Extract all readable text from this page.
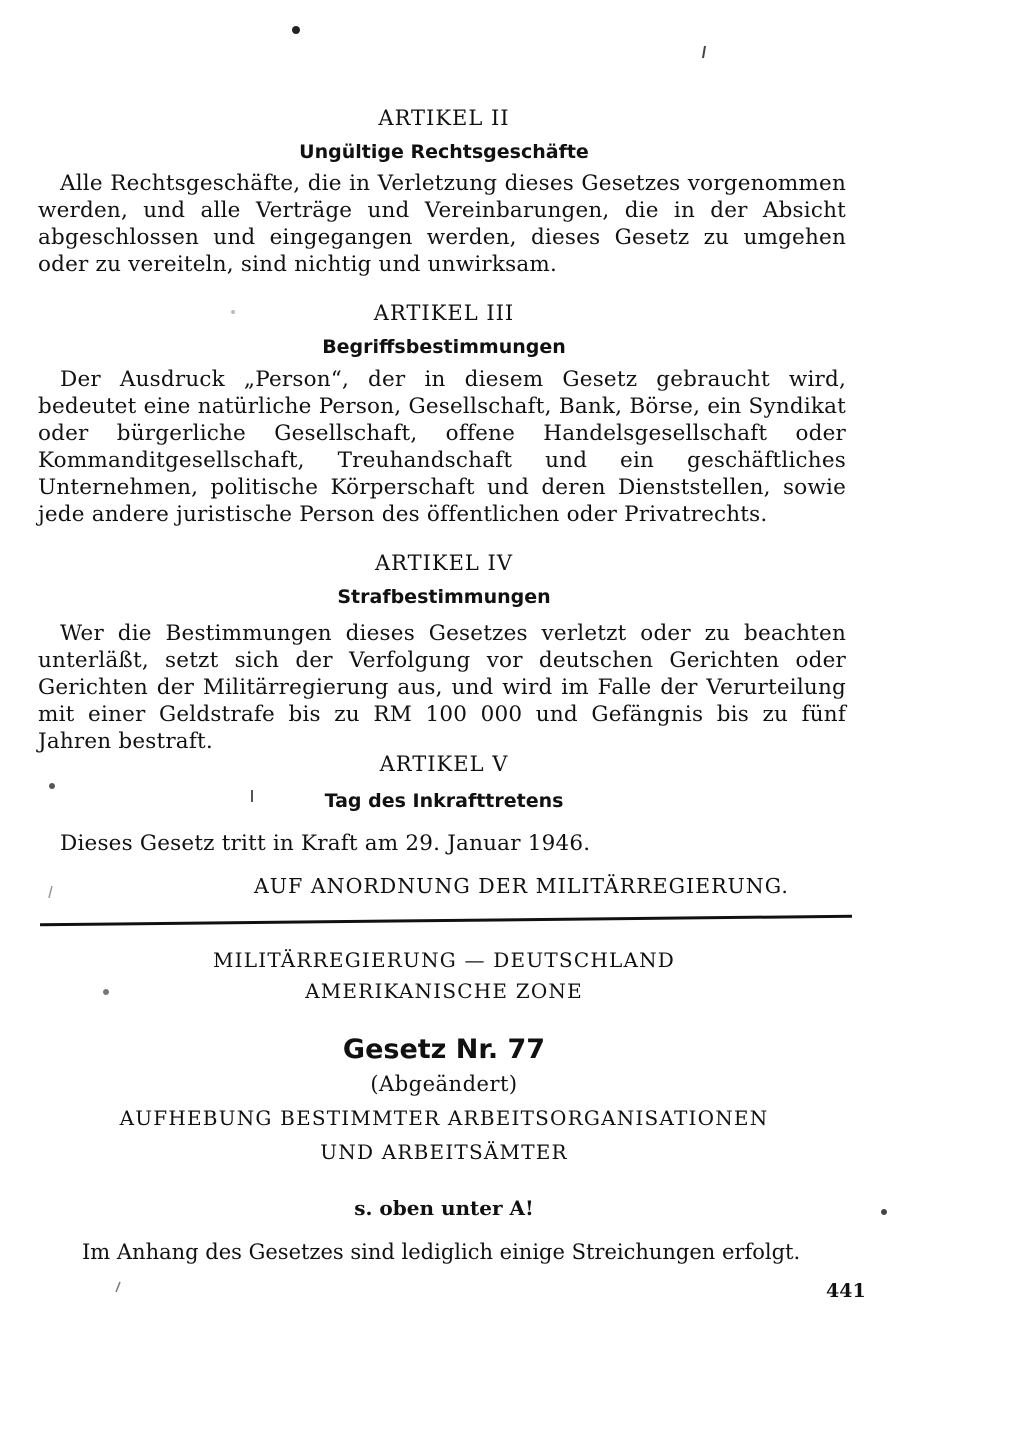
ARTIKEL II
Ungültige Rechtsgeschäfte
Alle Rechtsgeschäfte, die in Verletzung dieses Gesetzes vorgenommen werden, und alle Verträge und Vereinbarungen, die in der Absicht abgeschlossen und eingegangen werden, dieses Gesetz zu umgehen oder zu vereiteln, sind nichtig und unwirksam.
ARTIKEL III
Begriffsbestimmungen
Der Ausdruck „Person“, der in diesem Gesetz gebraucht wird, bedeutet eine natürliche Person, Gesellschaft, Bank, Börse, ein Syndikat oder bürgerliche Gesellschaft, offene Handelsgesellschaft oder Kommanditgesellschaft, Treuhandschaft und ein geschäftliches Unternehmen, politische Körperschaft und deren Dienststellen, sowie jede andere juristische Person des öffentlichen oder Privatrechts.
ARTIKEL IV
Strafbestimmungen
Wer die Bestimmungen dieses Gesetzes verletzt oder zu beachten unterläßt, setzt sich der Verfolgung vor deutschen Gerichten oder Gerichten der Militärregierung aus, und wird im Falle der Verurteilung mit einer Geldstrafe bis zu RM 100 000 und Gefängnis bis zu fünf Jahren bestraft.
ARTIKEL V
Tag des Inkrafttretens
Dieses Gesetz tritt in Kraft am 29. Januar 1946.
AUF ANORDNUNG DER MILITÄRREGIERUNG.
MILITÄRREGIERUNG — DEUTSCHLAND
AMERIKANISCHE ZONE
Gesetz Nr. 77
(Abgeändert)
AUFHEBUNG BESTIMMTER ARBEITSORGANISATIONEN
UND ARBEITSÄMTER
s. oben unter A!
Im Anhang des Gesetzes sind lediglich einige Streichungen erfolgt.
441
